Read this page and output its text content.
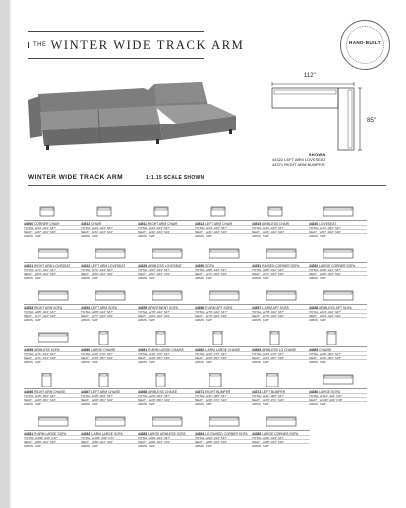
THE WINTER WIDE TRACK ARM	HAND-BUILT
112"
85"
SHOWN
44322 LEFT ARM LOVESEAT
44371 RIGHT ARM BUMPER
WINTER WIDE TRACK ARM	1:1.15 SCALE SHOWN
44500 CORNER CHAIR
TOTALw44" d44" h37"
SEAT w37" d24" h19"
ARMS h26"
44512 CHAIR
TOTALw44" d44" h37"
SEAT w31" d24" h19"
ARMS h26"
44511 RIGHT ARM CHAIR
TOTALw44" d44" h37"
SEAT w31" d24" h19"
ARMS h26"
44512 LEFT ARM CHAIR
TOTALw44" d44" h37"
SEAT w31" d24" h19"
ARMS h26"
44515 ARMLESS CHAIR
TOTALw33" d44" h37"
SEAT w31" d24" h19"
ARMS h26"
44330 LOVESEAT
TOTALw71" d44" h37"
SEAT w57" d24" h19"
ARMS h26"
44321 RIGHT ARM LOVESEAT
TOTALw71" d44" h37"
SEAT w63" d24" h19"
ARMS h26"
44322 LEFT ARM LOVESEAT
TOTALw71" d44" h37"
SEAT w63" d24" h19"
ARMS h26"
44325 ARMLESS LOVESEAT
TOTALw57" d44" h37"
SEAT w57" d24" h19"
ARMS h26"
44350 SOFA
TOTALw85" d44" h37"
SEAT w71" d24" h19"
ARMS h26"
44351 RAISED CORNER SOFA
TOTALw85" d44" h37"
SEAT w71" d24" h19"
ARMS h26"
44352 LARGE CORNER SOFA
TOTALw99" d44" h37"
SEAT w85" d24" h19"
ARMS h26"
44353 RIGHT ARM SOFA
TOTALw85" d44" h37"
SEAT w77" d24" h19"
ARMS h26"
44354 LEFT ARM SOFA
TOTALw85" d44" h37"
SEAT w77" d24" h19"
ARMS h26"
44355 APARTMENT SOFA
TOTALw78" d44" h37"
SEAT w64" d24" h19"
ARMS h26"
44356 R ARM APT SOFA
TOTALw78" d44" h37"
SEAT w70" d24" h19"
ARMS h26"
44357 L ARM APT SOFA
TOTALw78" d44" h37"
SEAT w70" d24" h19"
ARMS h26"
44358 ARMLESS APT SOFA
TOTALw64" d44" h37"
SEAT w64" d24" h19"
ARMS h26"
44359 ARMLESS SOFA
TOTALw71" d44" h37"
SEAT w71" d24" h19"
ARMS h26"
44360 LARGE CHAISE
TOTALw40" d70" h37"
SEAT w33" d57" h19"
ARMS h26"
44361 R ARM LARGE CHAISE
TOTALw40" d70" h37"
SEAT w33" d57" h19"
ARMS h26"
44362 L ARM LARGE CHAISE
TOTALw40" d70" h37"
SEAT w33" d57" h19"
ARMS h26"
44363 ARMLESS LG CHAISE
TOTALw33" d70" h37"
SEAT w33" d57" h19"
ARMS h26"
44365 CHAISE
TOTALw36" d64" h37"
SEAT w29" d51" h19"
ARMS h26"
44366 RIGHT ARM CHAISE
TOTALw36" d64" h37"
SEAT w29" d51" h19"
ARMS h26"
44367 LEFT ARM CHAISE
TOTALw36" d64" h37"
SEAT w29" d51" h19"
ARMS h26"
44368 ARMLESS CHAISE
TOTALw29" d64" h37"
SEAT w29" d51" h19"
ARMS h26"
44371 RIGHT BUMPER
TOTALw41" d85" h37"
SEAT w33" d71" h19"
ARMS h26"
44372 LEFT BUMPER
TOTALw41" d85" h37"
SEAT w33" d71" h19"
ARMS h26"
44380 LARGE SOFA
TOTALw114" d44" h37"
SEAT w100" d24" h19"
ARMS h26"
44381 R ARM LARGE SOFA
TOTALw106" d44" h37"
SEAT w99" d24" h19"
ARMS h26"
44382 L ARM LARGE SOFA
TOTALw106" d44" h37"
SEAT w99" d24" h19"
ARMS h26"
44383 LARGE ARMLESS SOFA
TOTALw99" d44" h37"
SEAT w99" d24" h19"
ARMS h26"
44384 LG RAISED CORNER SOFA
TOTALw99" d44" h37"
SEAT w85" d24" h19"
ARMS h26"
44385 LARGE CORNER SOFA
TOTALw99" d44" h37"
SEAT w85" d24" h19"
ARMS h26"
